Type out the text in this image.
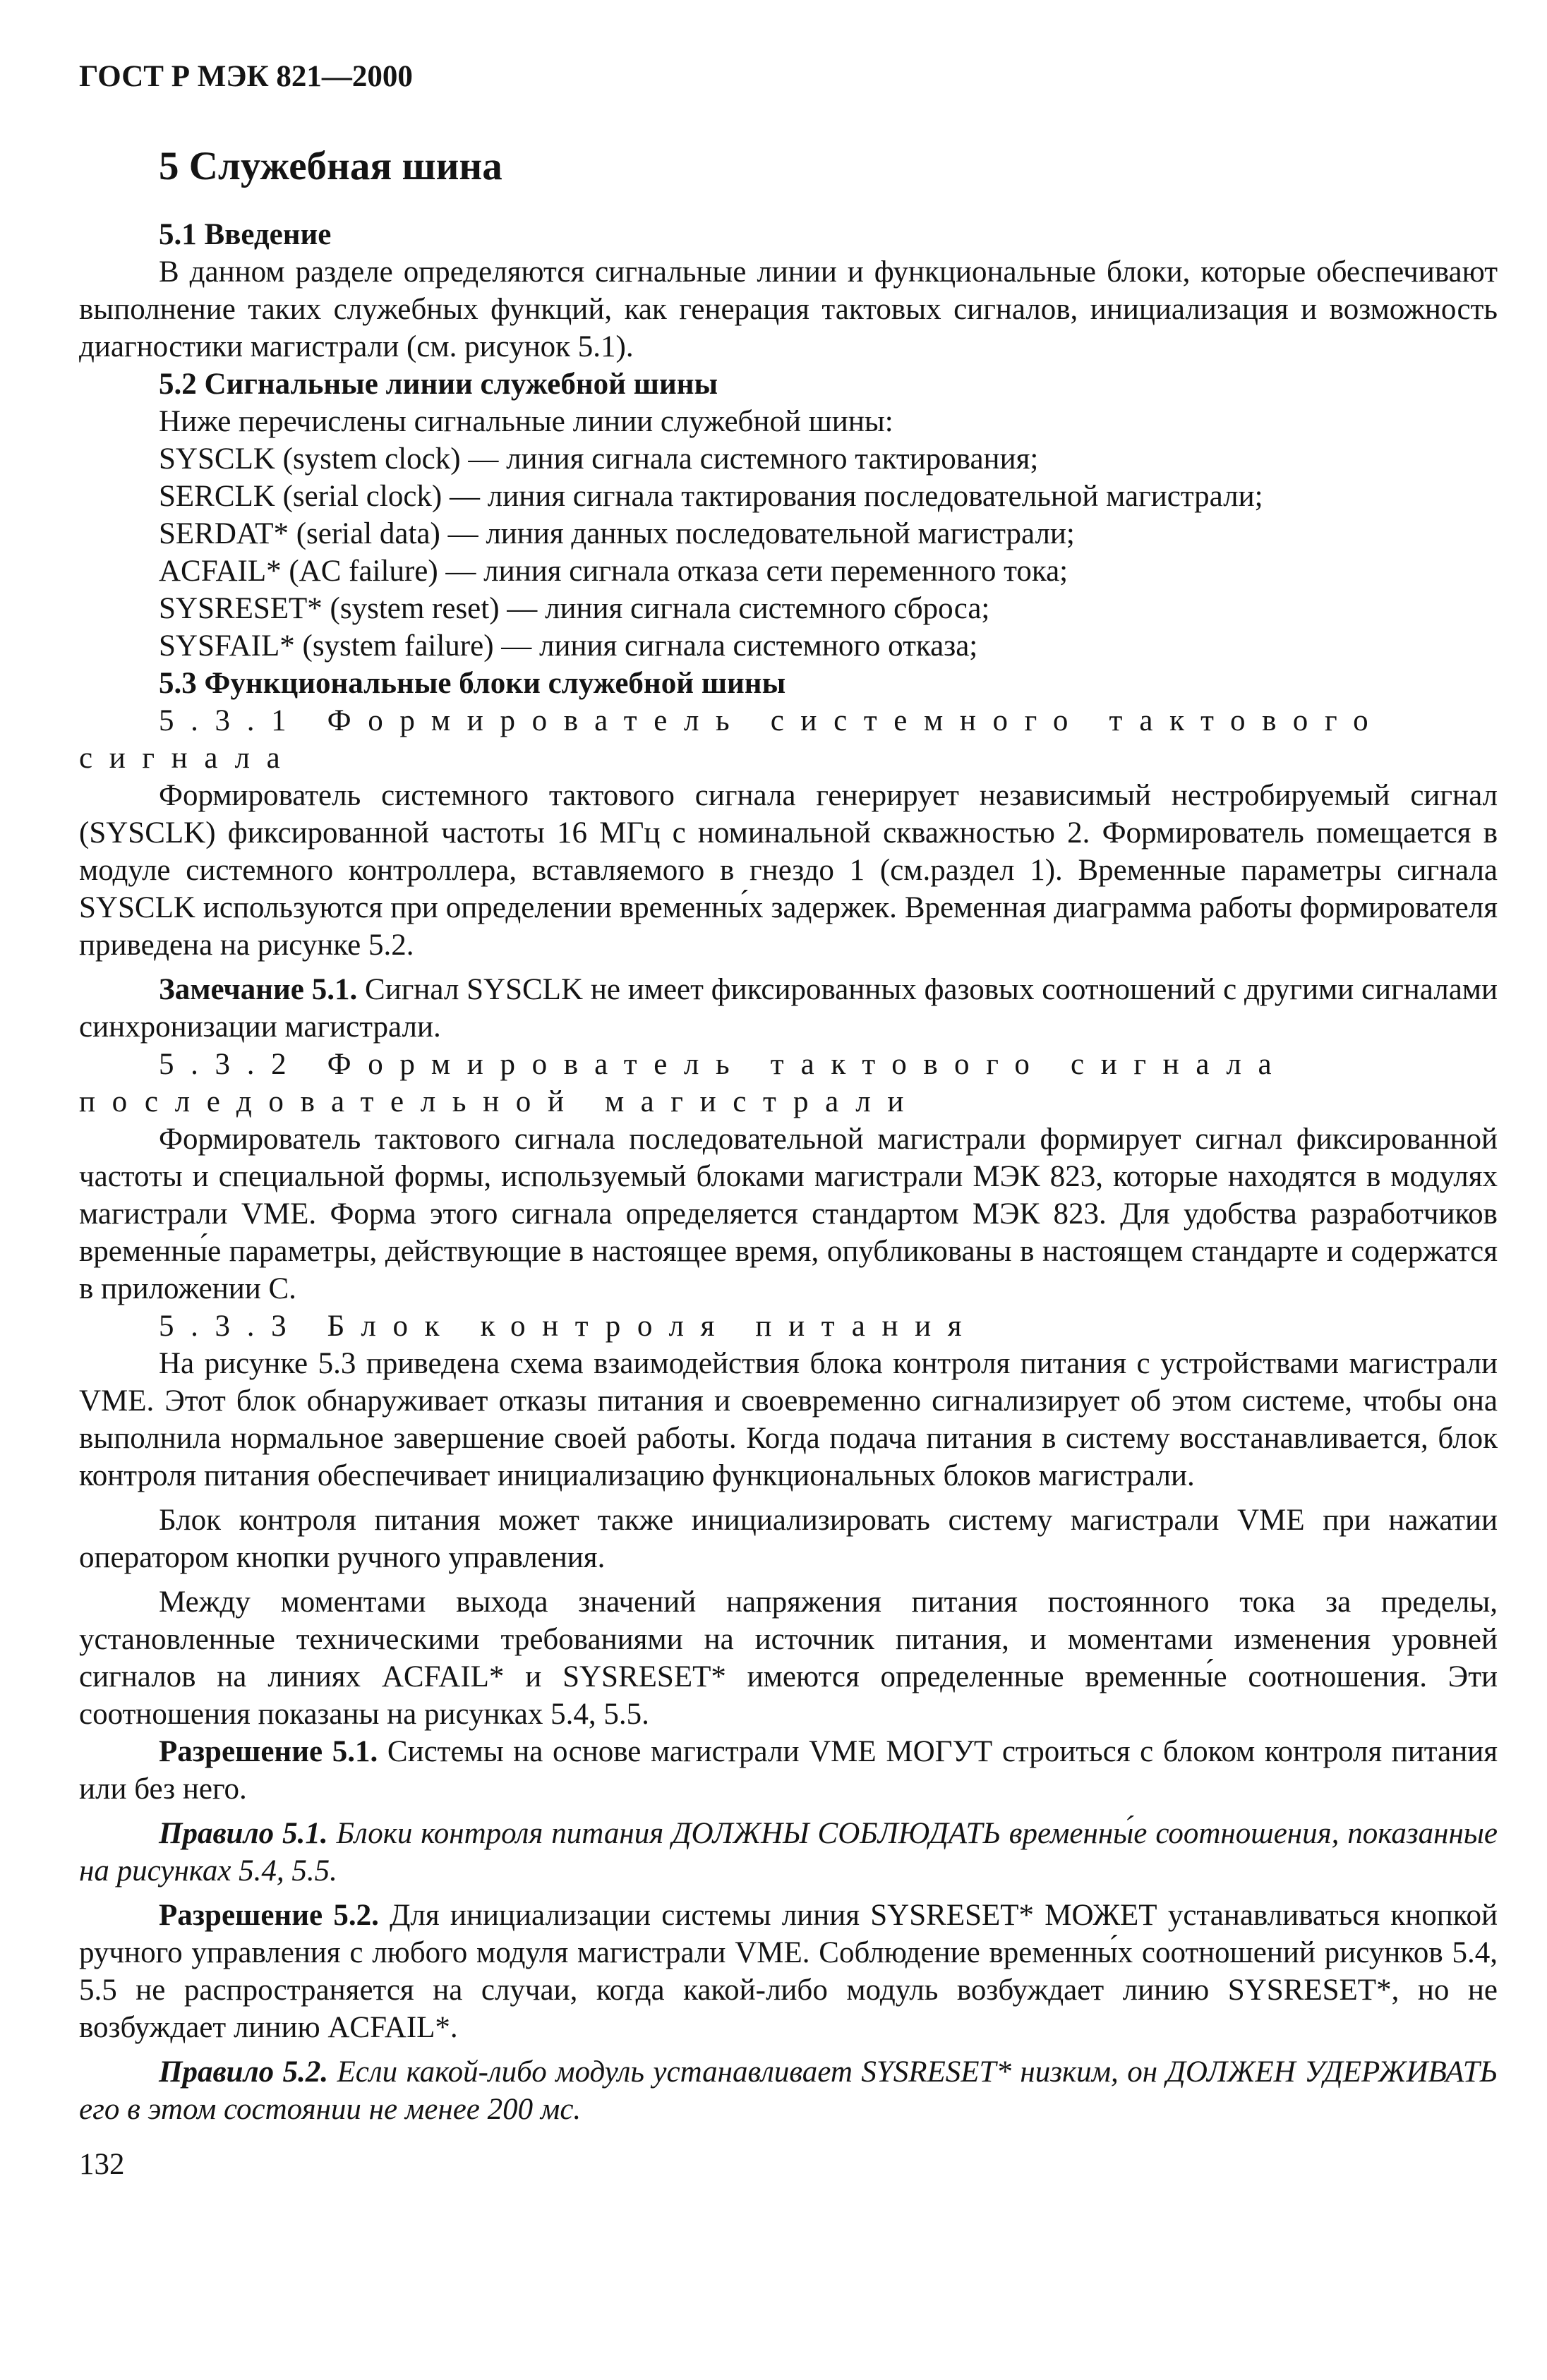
ГОСТ Р МЭК 821—2000
5 Служебная шина
5.1 Введение

В данном разделе определяются сигнальные линии и функциональные блоки, которые обеспечивают выполнение таких служебных функций, как генерация тактовых сигналов, инициализация и возможность диагностики магистрали (см. рисунок 5.1).

5.2 Сигнальные линии служебной шины
Ниже перечислены сигнальные линии служебной шины:
SYSCLK (system clock) — линия сигнала системного тактирования;
SERCLK (serial clock) — линия сигнала тактирования последовательной магистрали;
SERDAT* (serial data) — линия данных последовательной магистрали;
ACFAIL* (AC failure) — линия сигнала отказа сети переменного тока;
SYSRESET* (system reset) — линия сигнала системного сброса;
SYSFAIL* (system failure) — линия сигнала системного отказа;
5.3 Функциональные блоки служебной шины
5.3.1 Формирователь системного тактового сигнала

Формирователь системного тактового сигнала генерирует независимый нестробируемый сигнал (SYSCLK) фиксированной частоты 16 МГц с номинальной скважностью 2. Формирователь помещается в модуле системного контроллера, вставляемого в гнездо 1 (см.раздел 1). Временные параметры сигнала SYSCLK используются при определении временны́х задержек. Временная диаграмма работы формирователя приведена на рисунке 5.2.

Замечание 5.1. Сигнал SYSCLK не имеет фиксированных фазовых соотношений с другими сигналами синхронизации магистрали.

5.3.2 Формирователь тактового сигнала последовательной магистрали

Формирователь тактового сигнала последовательной магистрали формирует сигнал фиксированной частоты и специальной формы, используемый блоками магистрали МЭК 823, которые находятся в модулях магистрали VME. Форма этого сигнала определяется стандартом МЭК 823. Для удобства разработчиков временны́е параметры, действующие в настоящее время, опубликованы в настоящем стандарте и содержатся в приложении С.

5.3.3 Блок контроля питания

На рисунке 5.3 приведена схема взаимодействия блока контроля питания с устройствами магистрали VME. Этот блок обнаруживает отказы питания и своевременно сигнализирует об этом системе, чтобы она выполнила нормальное завершение своей работы. Когда подача питания в систему восстанавливается, блок контроля питания обеспечивает инициализацию функциональных блоков магистрали.

Блок контроля питания может также инициализировать систему магистрали VME при нажатии оператором кнопки ручного управления.

Между моментами выхода значений напряжения питания постоянного тока за пределы, установленные техническими требованиями на источник питания, и моментами изменения уровней сигналов на линиях ACFAIL* и SYSRESET* имеются определенные временны́е соотношения. Эти соотношения показаны на рисунках 5.4, 5.5.

Разрешение 5.1. Системы на основе магистрали VME МОГУТ строиться с блоком контроля питания или без него.

Правило 5.1. Блоки контроля питания ДОЛЖНЫ СОБЛЮДАТЬ временны́е соотношения, показанные на рисунках 5.4, 5.5.

Разрешение 5.2. Для инициализации системы линия SYSRESET* МОЖЕТ устанавливаться кнопкой ручного управления с любого модуля магистрали VME. Соблюдение временны́х соотношений рисунков 5.4, 5.5 не распространяется на случаи, когда какой-либо модуль возбуждает линию SYSRESET*, но не возбуждает линию ACFAIL*.

Правило 5.2. Если какой-либо модуль устанавливает SYSRESET* низким, он ДОЛЖЕН УДЕРЖИВАТЬ его в этом состоянии не менее 200 мс.

132
